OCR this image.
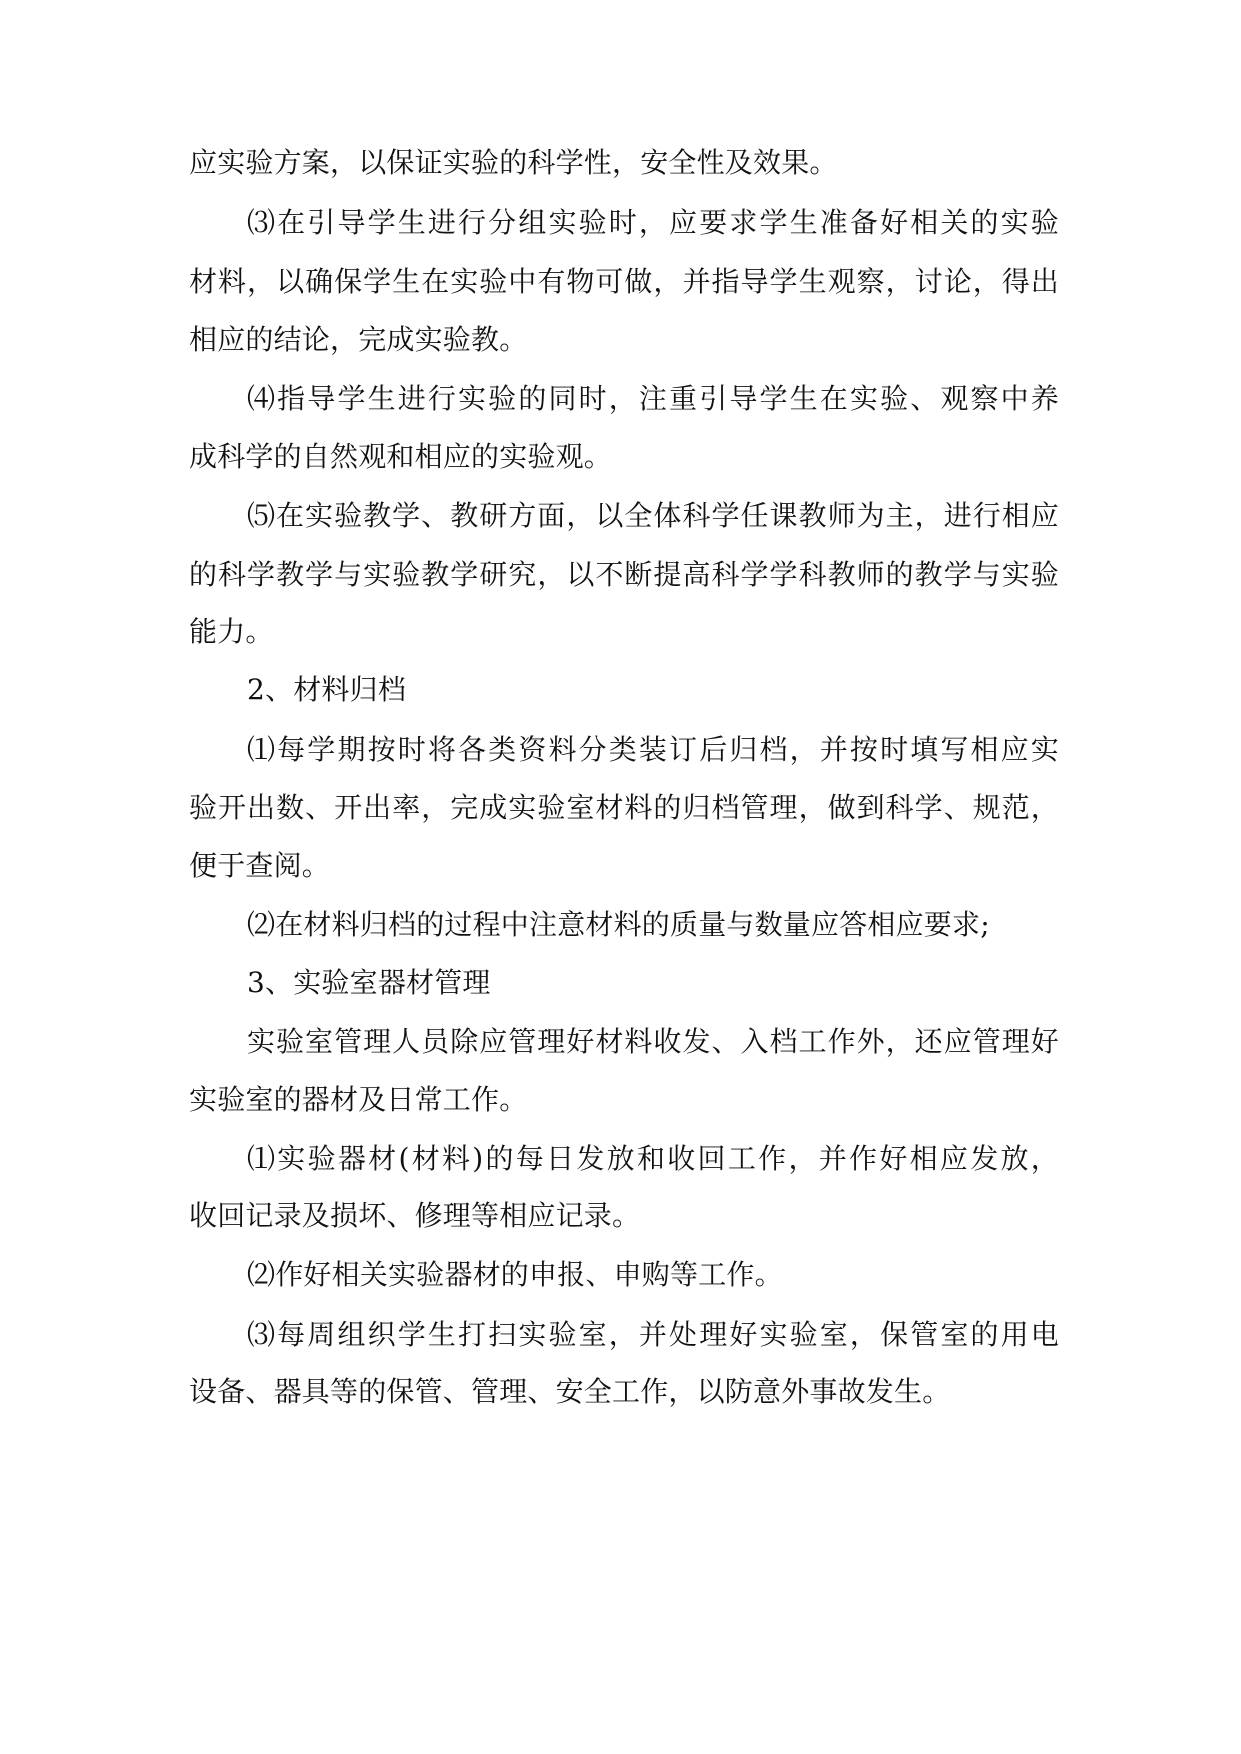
应实验方案，以保证实验的科学性，安全性及效果。
⑶在引导学生进行分组实验时，应要求学生准备好相关的实验
材料，以确保学生在实验中有物可做，并指导学生观察，讨论，得出
相应的结论，完成实验教。
⑷指导学生进行实验的同时，注重引导学生在实验、观察中养
成科学的自然观和相应的实验观。
⑸在实验教学、教研方面，以全体科学任课教师为主，进行相应
的科学教学与实验教学研究，以不断提高科学学科教师的教学与实验
能力。
2、材料归档
⑴每学期按时将各类资料分类装订后归档，并按时填写相应实
验开出数、开出率，完成实验室材料的归档管理，做到科学、规范，
便于查阅。
⑵在材料归档的过程中注意材料的质量与数量应答相应要求;
3、实验室器材管理
实验室管理人员除应管理好材料收发、入档工作外，还应管理好
实验室的器材及日常工作。
⑴实验器材(材料)的每日发放和收回工作，并作好相应发放，
收回记录及损坏、修理等相应记录。
⑵作好相关实验器材的申报、申购等工作。
⑶每周组织学生打扫实验室，并处理好实验室，保管室的用电
设备、器具等的保管、管理、安全工作，以防意外事故发生。
